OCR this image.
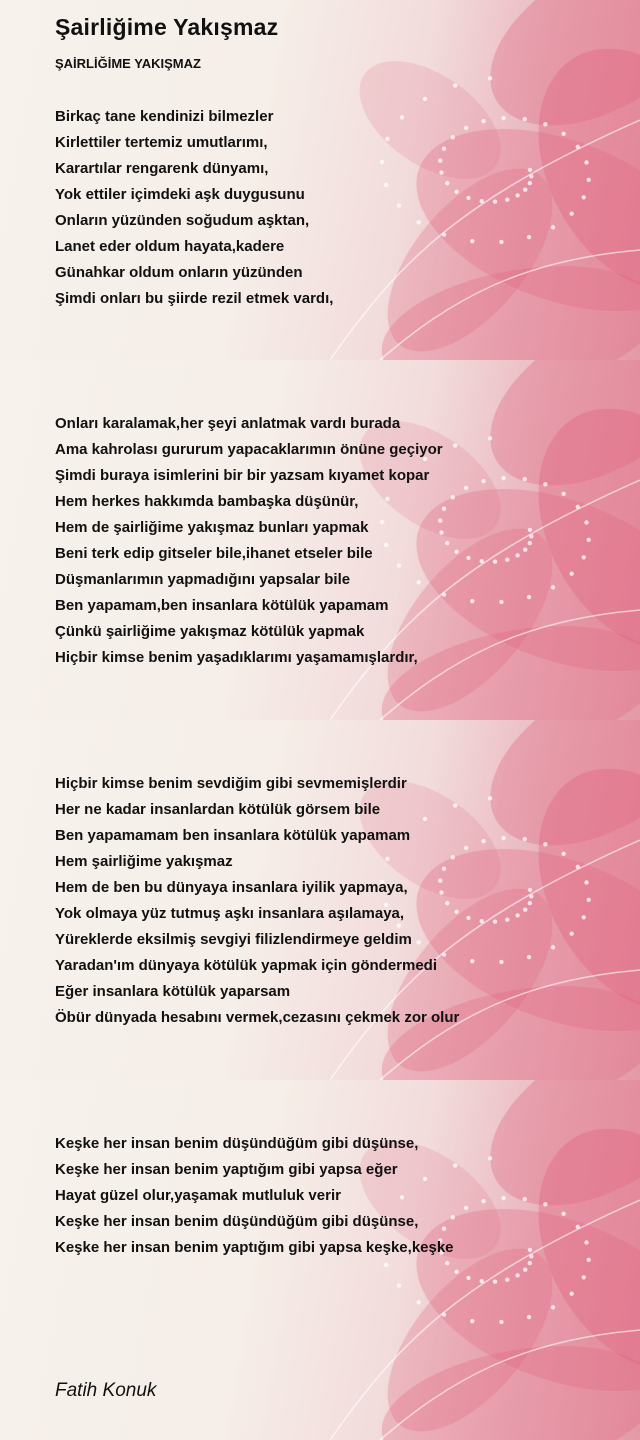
Şairliğime Yakışmaz
ŞAİRLİĞİME YAKIŞMAZ
Birkaç tane kendinizi bilmezler
Kirlettiler tertemiz umutlarımı,
Karartılar rengarenk dünyamı,
Yok ettiler içimdeki aşk duygusunu
Onların yüzünden soğudum aşktan,
Lanet eder oldum hayata,kadere
Günahkar oldum onların yüzünden
Şimdi onları bu şiirde rezil etmek vardı,
Onları karalamak,her şeyi anlatmak vardı burada
Ama kahrolası gururum yapacaklarımın önüne geçiyor
Şimdi buraya isimlerini bir bir yazsam kıyamet kopar
Hem herkes hakkımda bambaşka düşünür,
Hem de şairliğime yakışmaz bunları yapmak
Beni terk edip gitseler bile,ihanet etseler bile
Düşmanlarımın yapmadığını yapsalar bile
Ben yapamam,ben insanlara kötülük yapamam
Çünkü şairliğime yakışmaz kötülük yapmak
Hiçbir kimse benim yaşadıklarımı yaşamamışlardır,
Hiçbir kimse benim sevdiğim gibi sevmemişlerdir
Her ne kadar insanlardan kötülük görsem bile
Ben yapamamam ben insanlara kötülük yapamam
Hem şairliğime yakışmaz
Hem de ben bu dünyaya insanlara iyilik yapmaya,
Yok olmaya yüz tutmuş aşkı insanlara aşılamaya,
Yüreklerde eksilmiş sevgiyi filizlendirmeye geldim
Yaradan'ım dünyaya kötülük yapmak için göndermedi
Eğer insanlara kötülük yaparsam
Öbür dünyada hesabını vermek,cezasını çekmek zor olur
Keşke her insan benim düşündüğüm gibi düşünse,
Keşke her insan benim yaptığım gibi yapsa eğer
Hayat güzel olur,yaşamak mutluluk verir
Keşke her insan benim düşündüğüm gibi düşünse,
Keşke her insan benim yaptığım gibi yapsa keşke,keşke
Fatih Konuk
